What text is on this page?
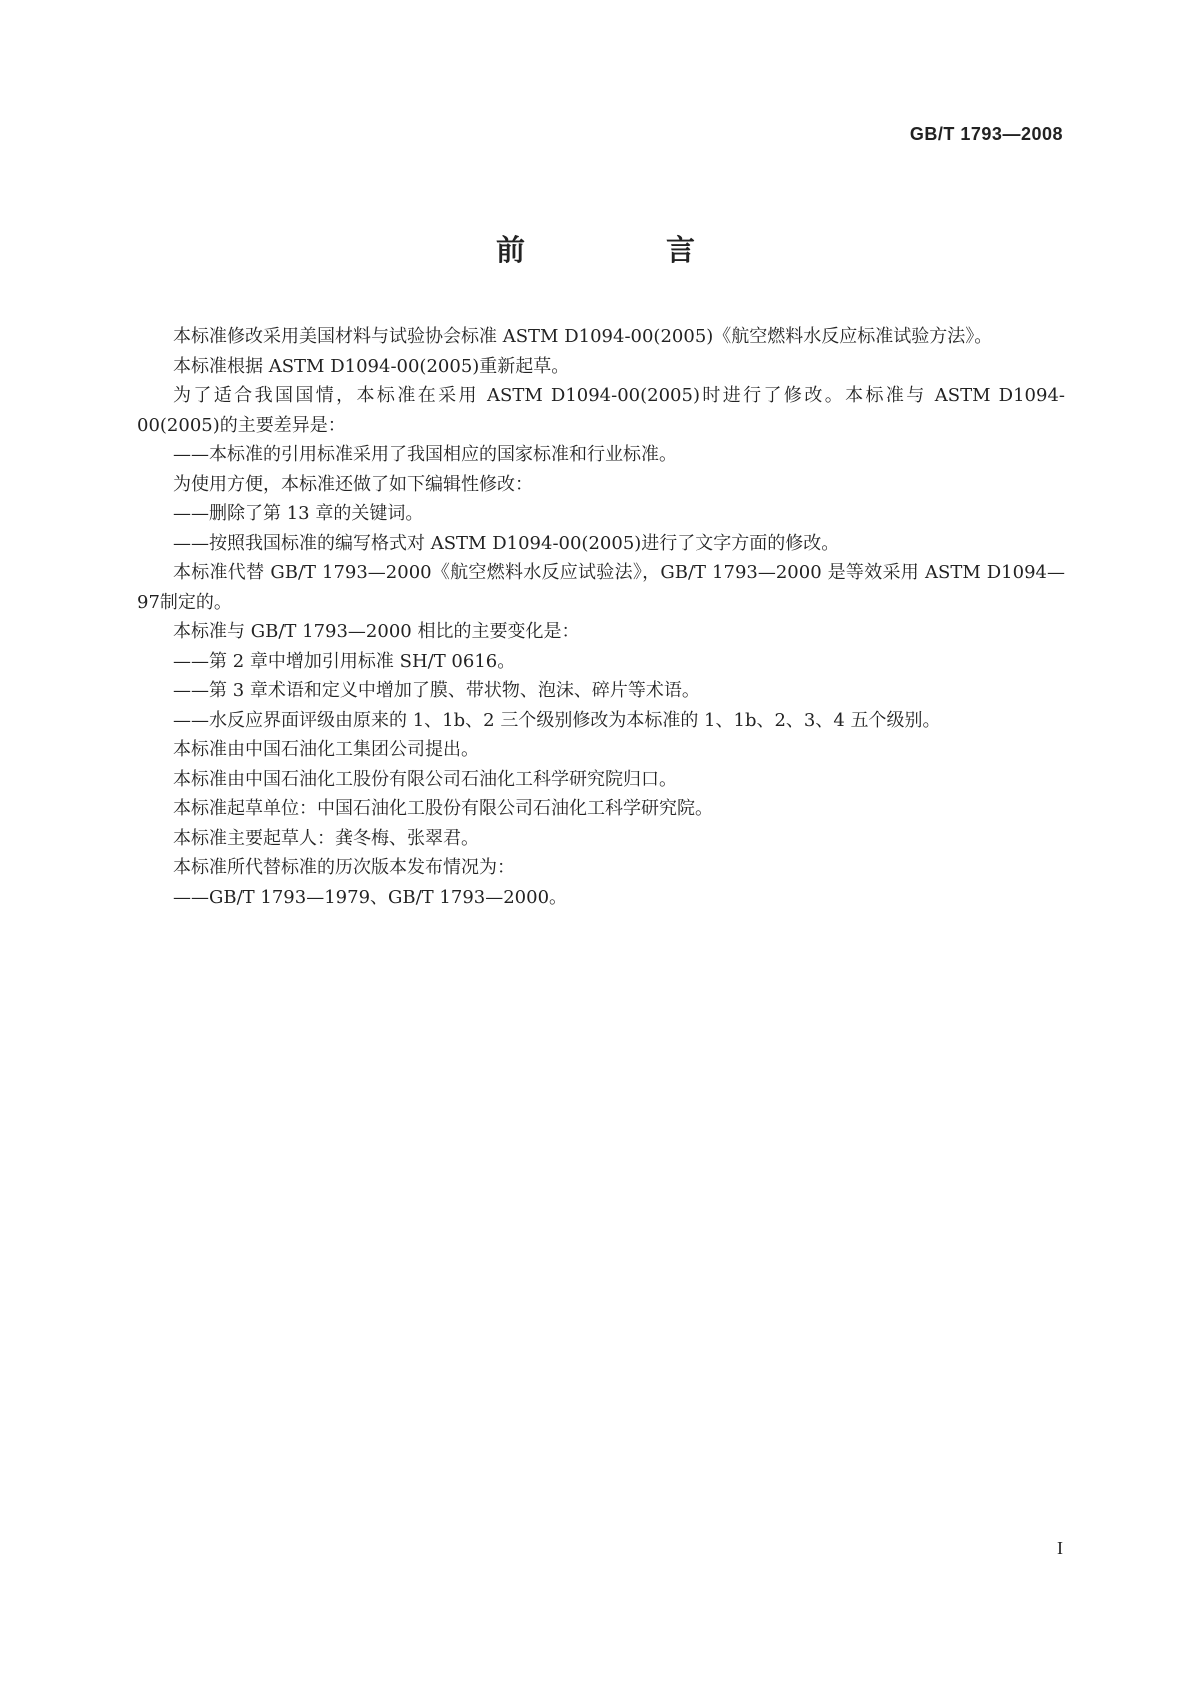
GB/T 1793—2008
前　言

本标准修改采用美国材料与试验协会标准 ASTM D1094-00(2005)《航空燃料水反应标准试验方法》。

本标准根据 ASTM D1094-00(2005)重新起草。

为了适合我国国情，本标准在采用 ASTM D1094-00(2005)时进行了修改。本标准与 ASTM D1094-00(2005)的主要差异是：

——本标准的引用标准采用了我国相应的国家标准和行业标准。

为使用方便，本标准还做了如下编辑性修改：

——删除了第 13 章的关键词。

——按照我国标准的编写格式对 ASTM D1094-00(2005)进行了文字方面的修改。

本标准代替 GB/T 1793—2000《航空燃料水反应试验法》，GB/T 1793—2000 是等效采用 ASTM D1094—97制定的。

本标准与 GB/T 1793—2000 相比的主要变化是：

——第 2 章中增加引用标准 SH/T 0616。

——第 3 章术语和定义中增加了膜、带状物、泡沫、碎片等术语。

——水反应界面评级由原来的 1、1b、2 三个级别修改为本标准的 1、1b、2、3、4 五个级别。

本标准由中国石油化工集团公司提出。

本标准由中国石油化工股份有限公司石油化工科学研究院归口。

本标准起草单位：中国石油化工股份有限公司石油化工科学研究院。

本标准主要起草人：龚冬梅、张翠君。

本标准所代替标准的历次版本发布情况为：

——GB/T 1793—1979、GB/T 1793—2000。

I
